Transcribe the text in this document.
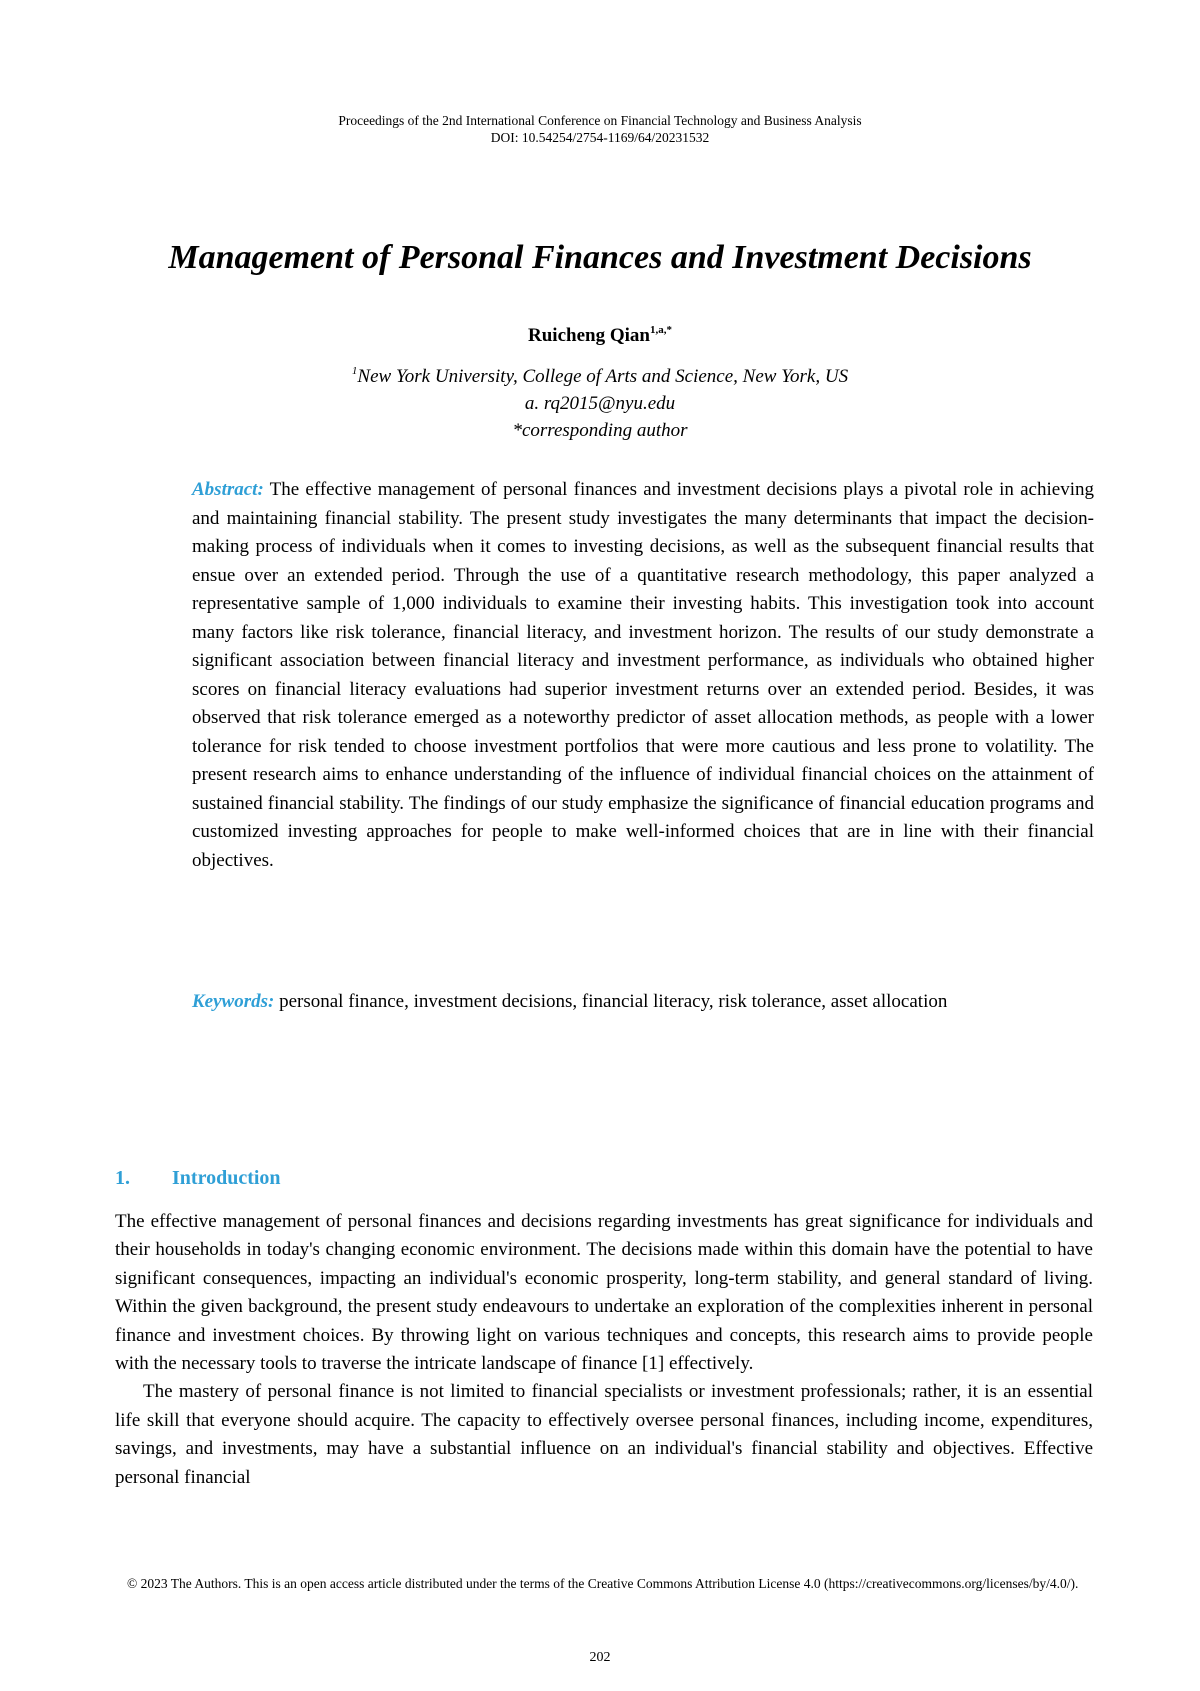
Proceedings of the 2nd International Conference on Financial Technology and Business Analysis
DOI: 10.54254/2754-1169/64/20231532
Management of Personal Finances and Investment Decisions
Ruicheng Qian$^{1,a,*}$
$^1$New York University, College of Arts and Science, New York, US
a. rq2015@nyu.edu
*corresponding author

Abstract: The effective management of personal finances and investment decisions plays a pivotal role in achieving and maintaining financial stability. The present study investigates the many determinants that impact the decision-making process of individuals when it comes to investing decisions, as well as the subsequent financial results that ensue over an extended period. Through the use of a quantitative research methodology, this paper analyzed a representative sample of 1,000 individuals to examine their investing habits. This investigation took into account many factors like risk tolerance, financial literacy, and investment horizon. The results of our study demonstrate a significant association between financial literacy and investment performance, as individuals who obtained higher scores on financial literacy evaluations had superior investment returns over an extended period. Besides, it was observed that risk tolerance emerged as a noteworthy predictor of asset allocation methods, as people with a lower tolerance for risk tended to choose investment portfolios that were more cautious and less prone to volatility. The present research aims to enhance understanding of the influence of individual financial choices on the attainment of sustained financial stability. The findings of our study emphasize the significance of financial education programs and customized investing approaches for people to make well-informed choices that are in line with their financial objectives.

Keywords: personal finance, investment decisions, financial literacy, risk tolerance, asset allocation

1. Introduction

The effective management of personal finances and decisions regarding investments has great significance for individuals and their households in today's changing economic environment. The decisions made within this domain have the potential to have significant consequences, impacting an individual's economic prosperity, long-term stability, and general standard of living. Within the given background, the present study endeavours to undertake an exploration of the complexities inherent in personal finance and investment choices. By throwing light on various techniques and concepts, this research aims to provide people with the necessary tools to traverse the intricate landscape of finance [1] effectively.

The mastery of personal finance is not limited to financial specialists or investment professionals; rather, it is an essential life skill that everyone should acquire. The capacity to effectively oversee personal finances, including income, expenditures, savings, and investments, may have a substantial influence on an individual's financial stability and objectives. Effective personal financial

© 2023 The Authors. This is an open access article distributed under the terms of the Creative Commons Attribution License 4.0 (https://creativecommons.org/licenses/by/4.0/).
202
